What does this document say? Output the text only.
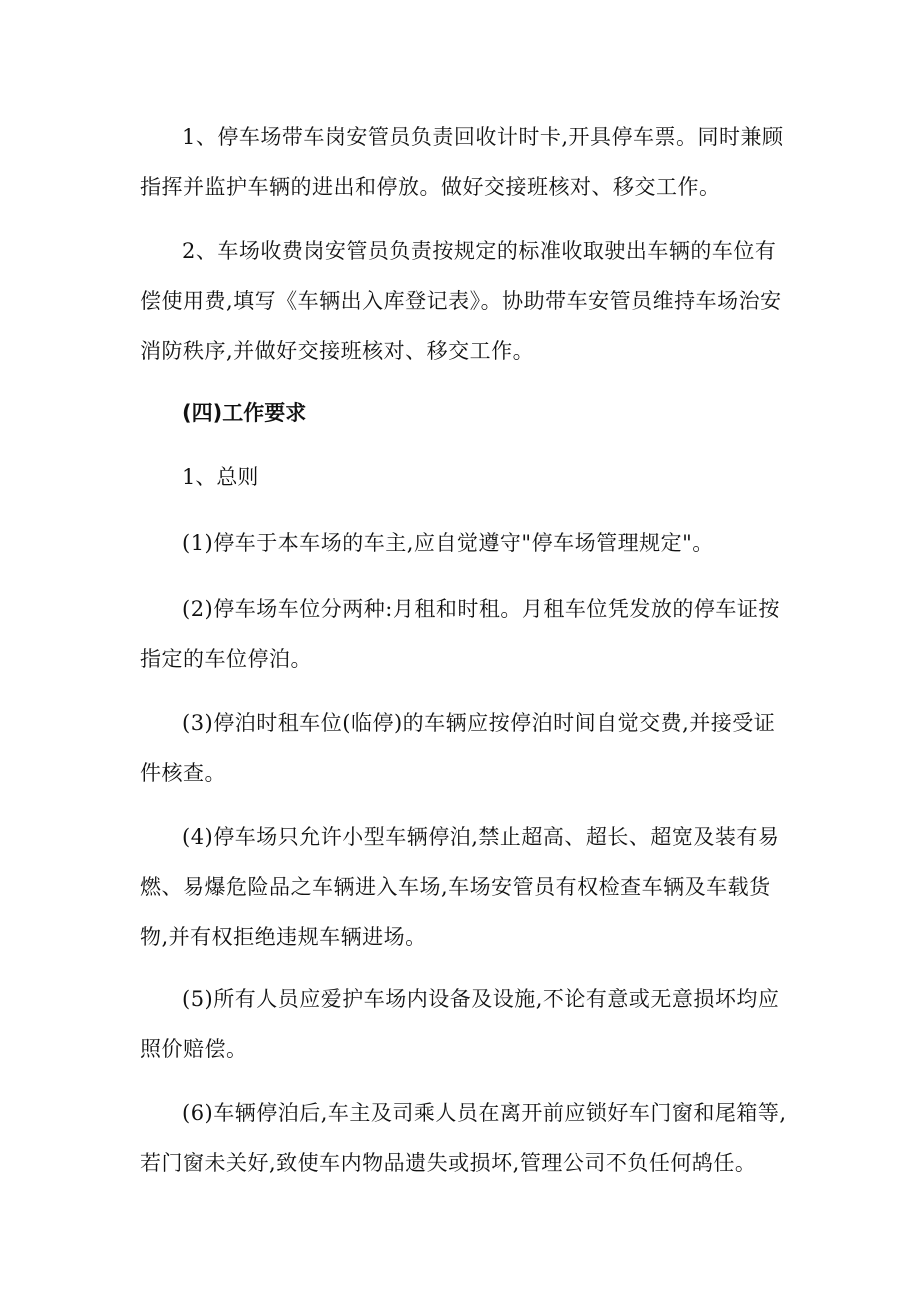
1、停车场带车岗安管员负责回收计时卡,开具停车票。同时兼顾指挥并监护车辆的进出和停放。做好交接班核对、移交工作。

2、车场收费岗安管员负责按规定的标准收取驶出车辆的车位有偿使用费,填写《车辆出入库登记表》。协助带车安管员维持车场治安消防秩序,并做好交接班核对、移交工作。

(四)工作要求

1、总则

(1)停车于本车场的车主,应自觉遵守"停车场管理规定"。

(2)停车场车位分两种:月租和时租。月租车位凭发放的停车证按指定的车位停泊。

(3)停泊时租车位(临停)的车辆应按停泊时间自觉交费,并接受证件核查。

(4)停车场只允许小型车辆停泊,禁止超高、超长、超宽及装有易燃、易爆危险品之车辆进入车场,车场安管员有权检查车辆及车载货物,并有权拒绝违规车辆进场。

(5)所有人员应爱护车场内设备及设施,不论有意或无意损坏均应照价赔偿。

(6)车辆停泊后,车主及司乘人员在离开前应锁好车门窗和尾箱等,若门窗未关好,致使车内物品遗失或损坏,管理公司不负任何鸪任。
